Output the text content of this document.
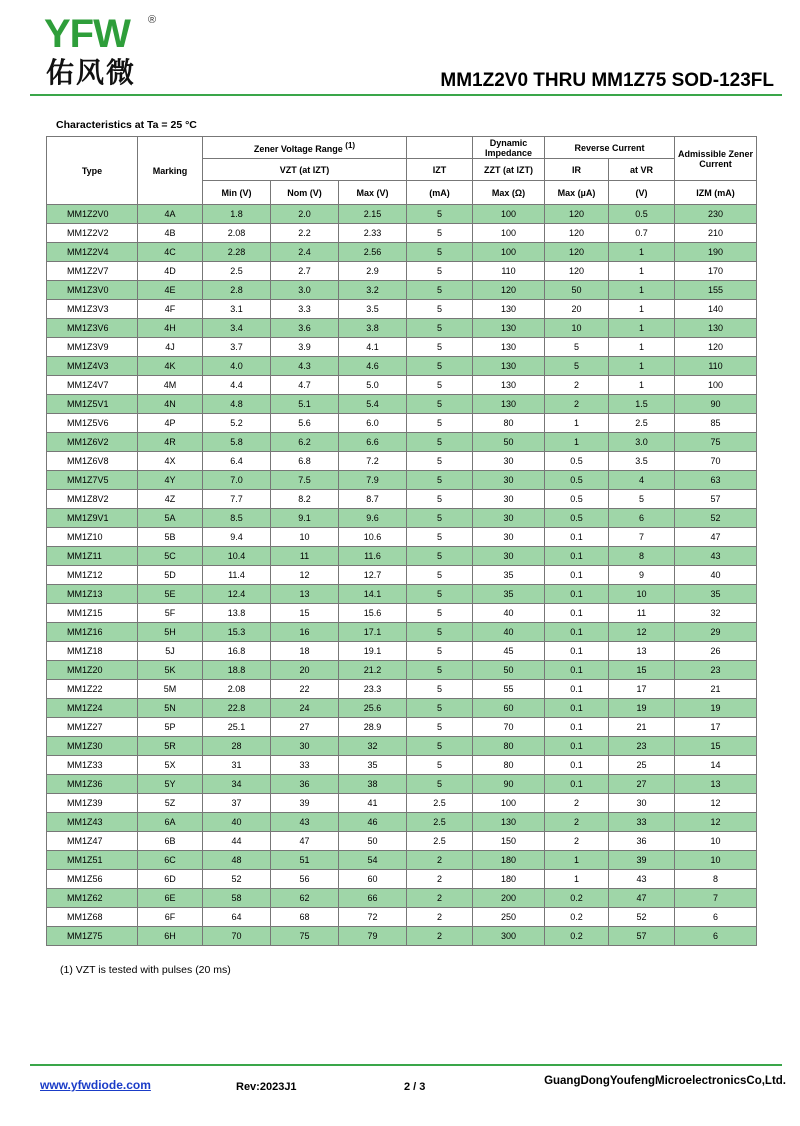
YFW ®
佑风微	MM1Z2V0 THRU MM1Z75 SOD-123FL
Characteristics at Ta = 25 °C
Type	Marking	Zener Voltage Range $^{(1)}$				Dynamic Impedance	Reverse Current		Admissible Zener Current
		VZT (at IZT)			IZT	ZZT (at IZT)	IR	at VR	
		Min (V)	Nom (V)	Max (V)	(mA)	Max (Ω)	Max (µA)	(V)	IZM (mA)
MM1Z2V0	4A	1.8	2.0	2.15	5	100	120	0.5	230
MM1Z2V2	4B	2.08	2.2	2.33	5	100	120	0.7	210
MM1Z2V4	4C	2.28	2.4	2.56	5	100	120	1	190
MM1Z2V7	4D	2.5	2.7	2.9	5	110	120	1	170
MM1Z3V0	4E	2.8	3.0	3.2	5	120	50	1	155
MM1Z3V3	4F	3.1	3.3	3.5	5	130	20	1	140
MM1Z3V6	4H	3.4	3.6	3.8	5	130	10	1	130
MM1Z3V9	4J	3.7	3.9	4.1	5	130	5	1	120
MM1Z4V3	4K	4.0	4.3	4.6	5	130	5	1	110
MM1Z4V7	4M	4.4	4.7	5.0	5	130	2	1	100
MM1Z5V1	4N	4.8	5.1	5.4	5	130	2	1.5	90
MM1Z5V6	4P	5.2	5.6	6.0	5	80	1	2.5	85
MM1Z6V2	4R	5.8	6.2	6.6	5	50	1	3.0	75
MM1Z6V8	4X	6.4	6.8	7.2	5	30	0.5	3.5	70
MM1Z7V5	4Y	7.0	7.5	7.9	5	30	0.5	4	63
MM1Z8V2	4Z	7.7	8.2	8.7	5	30	0.5	5	57
MM1Z9V1	5A	8.5	9.1	9.6	5	30	0.5	6	52
MM1Z10	5B	9.4	10	10.6	5	30	0.1	7	47
MM1Z11	5C	10.4	11	11.6	5	30	0.1	8	43
MM1Z12	5D	11.4	12	12.7	5	35	0.1	9	40
MM1Z13	5E	12.4	13	14.1	5	35	0.1	10	35
MM1Z15	5F	13.8	15	15.6	5	40	0.1	11	32
MM1Z16	5H	15.3	16	17.1	5	40	0.1	12	29
MM1Z18	5J	16.8	18	19.1	5	45	0.1	13	26
MM1Z20	5K	18.8	20	21.2	5	50	0.1	15	23
MM1Z22	5M	2.08	22	23.3	5	55	0.1	17	21
MM1Z24	5N	22.8	24	25.6	5	60	0.1	19	19
MM1Z27	5P	25.1	27	28.9	5	70	0.1	21	17
MM1Z30	5R	28	30	32	5	80	0.1	23	15
MM1Z33	5X	31	33	35	5	80	0.1	25	14
MM1Z36	5Y	34	36	38	5	90	0.1	27	13
MM1Z39	5Z	37	39	41	2.5	100	2	30	12
MM1Z43	6A	40	43	46	2.5	130	2	33	12
MM1Z47	6B	44	47	50	2.5	150	2	36	10
MM1Z51	6C	48	51	54	2	180	1	39	10
MM1Z56	6D	52	56	60	2	180	1	43	8
MM1Z62	6E	58	62	66	2	200	0.2	47	7
MM1Z68	6F	64	68	72	2	250	0.2	52	6
MM1Z75	6H	70	75	79	2	300	0.2	57	6
(1) VZT is tested with pulses (20 ms)
www.yfwdiode.com	Rev:2023J1	2 / 3	GuangDongYoufengMicroelectronicsCo,Ltd.
